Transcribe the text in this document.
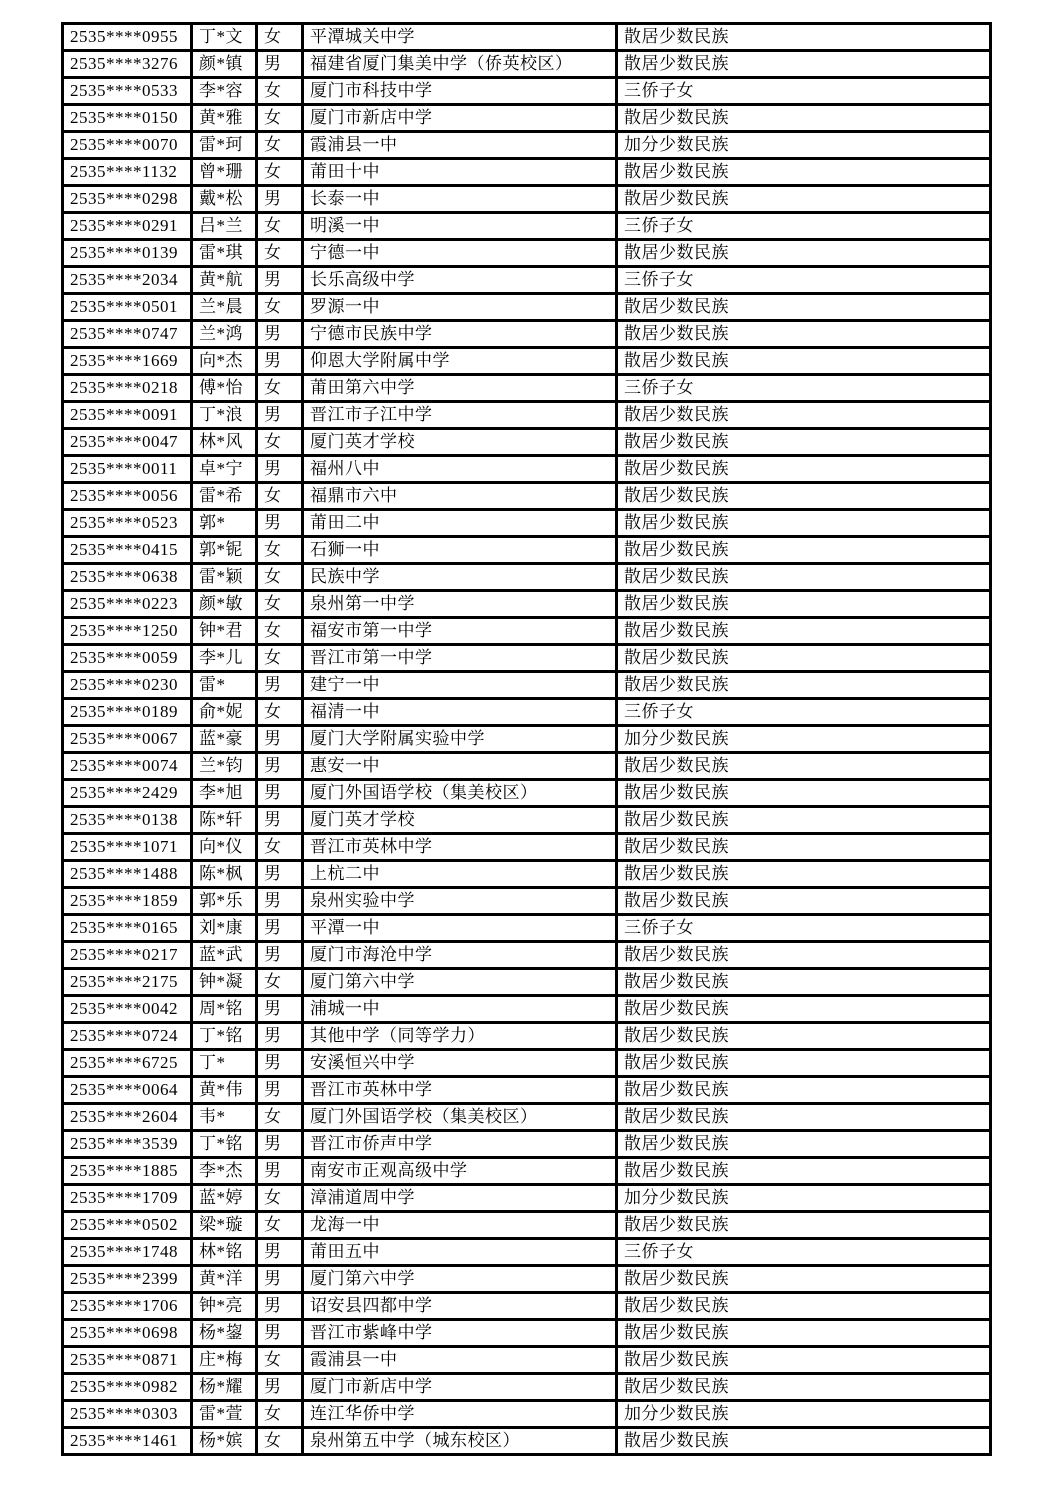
2535****0955	丁*文	女	平潭城关中学	散居少数民族
2535****3276	颜*镇	男	福建省厦门集美中学（侨英校区）	散居少数民族
2535****0533	李*容	女	厦门市科技中学	三侨子女
2535****0150	黄*雅	女	厦门市新店中学	散居少数民族
2535****0070	雷*珂	女	霞浦县一中	加分少数民族
2535****1132	曾*珊	女	莆田十中	散居少数民族
2535****0298	戴*松	男	长泰一中	散居少数民族
2535****0291	吕*兰	女	明溪一中	三侨子女
2535****0139	雷*琪	女	宁德一中	散居少数民族
2535****2034	黄*航	男	长乐高级中学	三侨子女
2535****0501	兰*晨	女	罗源一中	散居少数民族
2535****0747	兰*鸿	男	宁德市民族中学	散居少数民族
2535****1669	向*杰	男	仰恩大学附属中学	散居少数民族
2535****0218	傅*怡	女	莆田第六中学	三侨子女
2535****0091	丁*浪	男	晋江市子江中学	散居少数民族
2535****0047	林*风	女	厦门英才学校	散居少数民族
2535****0011	卓*宁	男	福州八中	散居少数民族
2535****0056	雷*希	女	福鼎市六中	散居少数民族
2535****0523	郭*	男	莆田二中	散居少数民族
2535****0415	郭*铌	女	石狮一中	散居少数民族
2535****0638	雷*颖	女	民族中学	散居少数民族
2535****0223	颜*敏	女	泉州第一中学	散居少数民族
2535****1250	钟*君	女	福安市第一中学	散居少数民族
2535****0059	李*儿	女	晋江市第一中学	散居少数民族
2535****0230	雷*	男	建宁一中	散居少数民族
2535****0189	俞*妮	女	福清一中	三侨子女
2535****0067	蓝*豪	男	厦门大学附属实验中学	加分少数民族
2535****0074	兰*钧	男	惠安一中	散居少数民族
2535****2429	李*旭	男	厦门外国语学校（集美校区）	散居少数民族
2535****0138	陈*轩	男	厦门英才学校	散居少数民族
2535****1071	向*仪	女	晋江市英林中学	散居少数民族
2535****1488	陈*枫	男	上杭二中	散居少数民族
2535****1859	郭*乐	男	泉州实验中学	散居少数民族
2535****0165	刘*康	男	平潭一中	三侨子女
2535****0217	蓝*武	男	厦门市海沧中学	散居少数民族
2535****2175	钟*凝	女	厦门第六中学	散居少数民族
2535****0042	周*铭	男	浦城一中	散居少数民族
2535****0724	丁*铭	男	其他中学（同等学力）	散居少数民族
2535****6725	丁*	男	安溪恒兴中学	散居少数民族
2535****0064	黄*伟	男	晋江市英林中学	散居少数民族
2535****2604	韦*	女	厦门外国语学校（集美校区）	散居少数民族
2535****3539	丁*铭	男	晋江市侨声中学	散居少数民族
2535****1885	李*杰	男	南安市正观高级中学	散居少数民族
2535****1709	蓝*婷	女	漳浦道周中学	加分少数民族
2535****0502	梁*璇	女	龙海一中	散居少数民族
2535****1748	林*铭	男	莆田五中	三侨子女
2535****2399	黄*洋	男	厦门第六中学	散居少数民族
2535****1706	钟*亮	男	诏安县四都中学	散居少数民族
2535****0698	杨*鋆	男	晋江市紫峰中学	散居少数民族
2535****0871	庄*梅	女	霞浦县一中	散居少数民族
2535****0982	杨*耀	男	厦门市新店中学	散居少数民族
2535****0303	雷*萱	女	连江华侨中学	加分少数民族
2535****1461	杨*嫔	女	泉州第五中学（城东校区）	散居少数民族
